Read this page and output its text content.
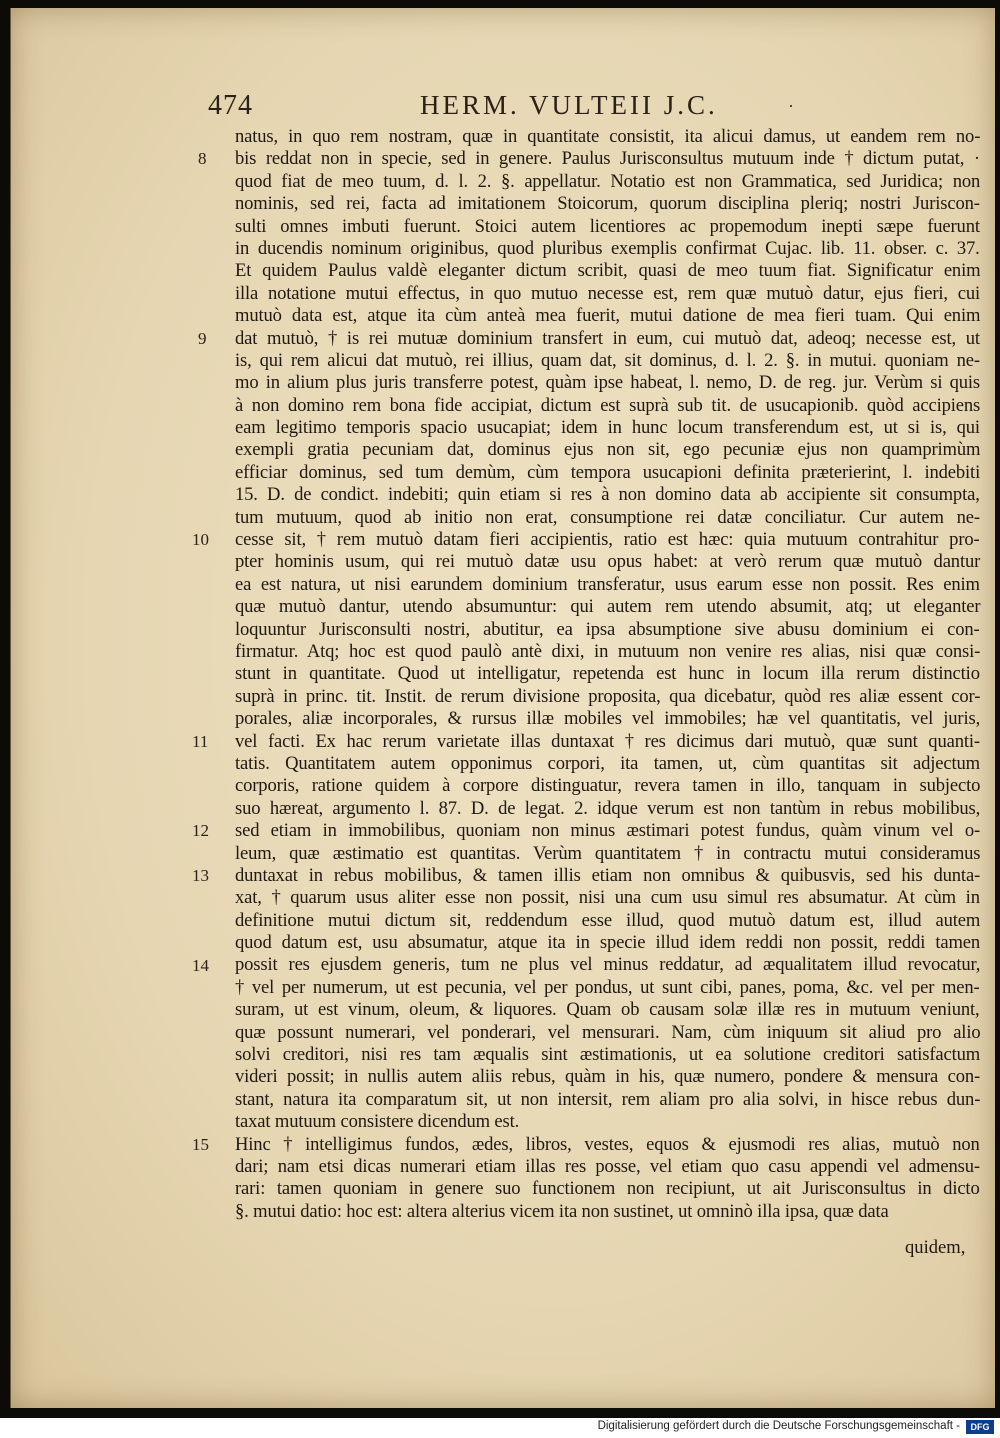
474	HERM. VULTEII J.C.	·
8
9
10
11
12
13
14
15
natus, in quo rem nostram, quæ in quantitate consistit, ita alicui damus, ut eandem rem no-
bis reddat non in specie, sed in genere. Paulus Jurisconsultus mutuum inde † dictum putat, ·
quod fiat de meo tuum, d. l. 2. §. appellatur. Notatio est non Grammatica, sed Juridica; non
nominis, sed rei, facta ad imitationem Stoicorum, quorum disciplina pleriq; nostri Juriscon-
sulti omnes imbuti fuerunt. Stoici autem licentiores ac propemodum inepti sæpe fuerunt
in ducendis nominum originibus, quod pluribus exemplis confirmat Cujac. lib. 11. obser. c. 37.
Et quidem Paulus valdè eleganter dictum scribit, quasi de meo tuum fiat. Significatur enim
illa notatione mutui effectus, in quo mutuo necesse est, rem quæ mutuò datur, ejus fieri, cui
mutuò data est, atque ita cùm anteà mea fuerit, mutui datione de mea fieri tuam. Qui enim
dat mutuò, † is rei mutuæ dominium transfert in eum, cui mutuò dat, adeoq; necesse est, ut
is, qui rem alicui dat mutuò, rei illius, quam dat, sit dominus, d. l. 2. §. in mutui. quoniam ne-
mo in alium plus juris transferre potest, quàm ipse habeat, l. nemo, D. de reg. jur. Verùm si quis
à non domino rem bona fide accipiat, dictum est suprà sub tit. de usucapionib. quòd accipiens
eam legitimo temporis spacio usucapiat; idem in hunc locum transferendum est, ut si is, qui
exempli gratia pecuniam dat, dominus ejus non sit, ego pecuniæ ejus non quamprimùm
efficiar dominus, sed tum demùm, cùm tempora usucapioni definita præterierint, l. indebiti
15. D. de condict. indebiti; quin etiam si res à non domino data ab accipiente sit consumpta,
tum mutuum, quod ab initio non erat, consumptione rei datæ conciliatur. Cur autem ne-
cesse sit, † rem mutuò datam fieri accipientis, ratio est hæc: quia mutuum contrahitur pro-
pter hominis usum, qui rei mutuò datæ usu opus habet: at verò rerum quæ mutuò dantur
ea est natura, ut nisi earundem dominium transferatur, usus earum esse non possit. Res enim
quæ mutuò dantur, utendo absumuntur: qui autem rem utendo absumit, atq; ut eleganter
loquuntur Jurisconsulti nostri, abutitur, ea ipsa absumptione sive abusu dominium ei con-
firmatur. Atq; hoc est quod paulò antè dixi, in mutuum non venire res alias, nisi quæ consi-
stunt in quantitate. Quod ut intelligatur, repetenda est hunc in locum illa rerum distinctio
suprà in princ. tit. Instit. de rerum divisione proposita, qua dicebatur, quòd res aliæ essent cor-
porales, aliæ incorporales, & rursus illæ mobiles vel immobiles; hæ vel quantitatis, vel juris,
vel facti. Ex hac rerum varietate illas duntaxat † res dicimus dari mutuò, quæ sunt quanti-
tatis. Quantitatem autem opponimus corpori, ita tamen, ut, cùm quantitas sit adjectum
corporis, ratione quidem à corpore distinguatur, revera tamen in illo, tanquam in subjecto
suo hæreat, argumento l. 87. D. de legat. 2. idque verum est non tantùm in rebus mobilibus,
sed etiam in immobilibus, quoniam non minus æstimari potest fundus, quàm vinum vel o-
leum, quæ æstimatio est quantitas. Verùm quantitatem † in contractu mutui consideramus
duntaxat in rebus mobilibus, & tamen illis etiam non omnibus & quibusvis, sed his dunta-
xat, † quarum usus aliter esse non possit, nisi una cum usu simul res absumatur. At cùm in
definitione mutui dictum sit, reddendum esse illud, quod mutuò datum est, illud autem
quod datum est, usu absumatur, atque ita in specie illud idem reddi non possit, reddi tamen
possit res ejusdem generis, tum ne plus vel minus reddatur, ad æqualitatem illud revocatur,
† vel per numerum, ut est pecunia, vel per pondus, ut sunt cibi, panes, poma, &c. vel per men-
suram, ut est vinum, oleum, & liquores. Quam ob causam solæ illæ res in mutuum veniunt,
quæ possunt numerari, vel ponderari, vel mensurari. Nam, cùm iniquum sit aliud pro alio
solvi creditori, nisi res tam æqualis sint æstimationis, ut ea solutione creditori satisfactum
videri possit; in nullis autem aliis rebus, quàm in his, quæ numero, pondere & mensura con-
stant, natura ita comparatum sit, ut non intersit, rem aliam pro alia solvi, in hisce rebus dun-
taxat mutuum consistere dicendum est.
Hinc † intelligimus fundos, ædes, libros, vestes, equos & ejusmodi res alias, mutuò non
dari; nam etsi dicas numerari etiam illas res posse, vel etiam quo casu appendi vel admensu-
rari: tamen quoniam in genere suo functionem non recipiunt, ut ait Jurisconsultus in dicto
§. mutui datio: hoc est: altera alterius vicem ita non sustinet, ut omninò illa ipsa, quæ data
quidem,
Digitalisierung gefördert durch die Deutsche Forschungsgemeinschaft -	DFG
